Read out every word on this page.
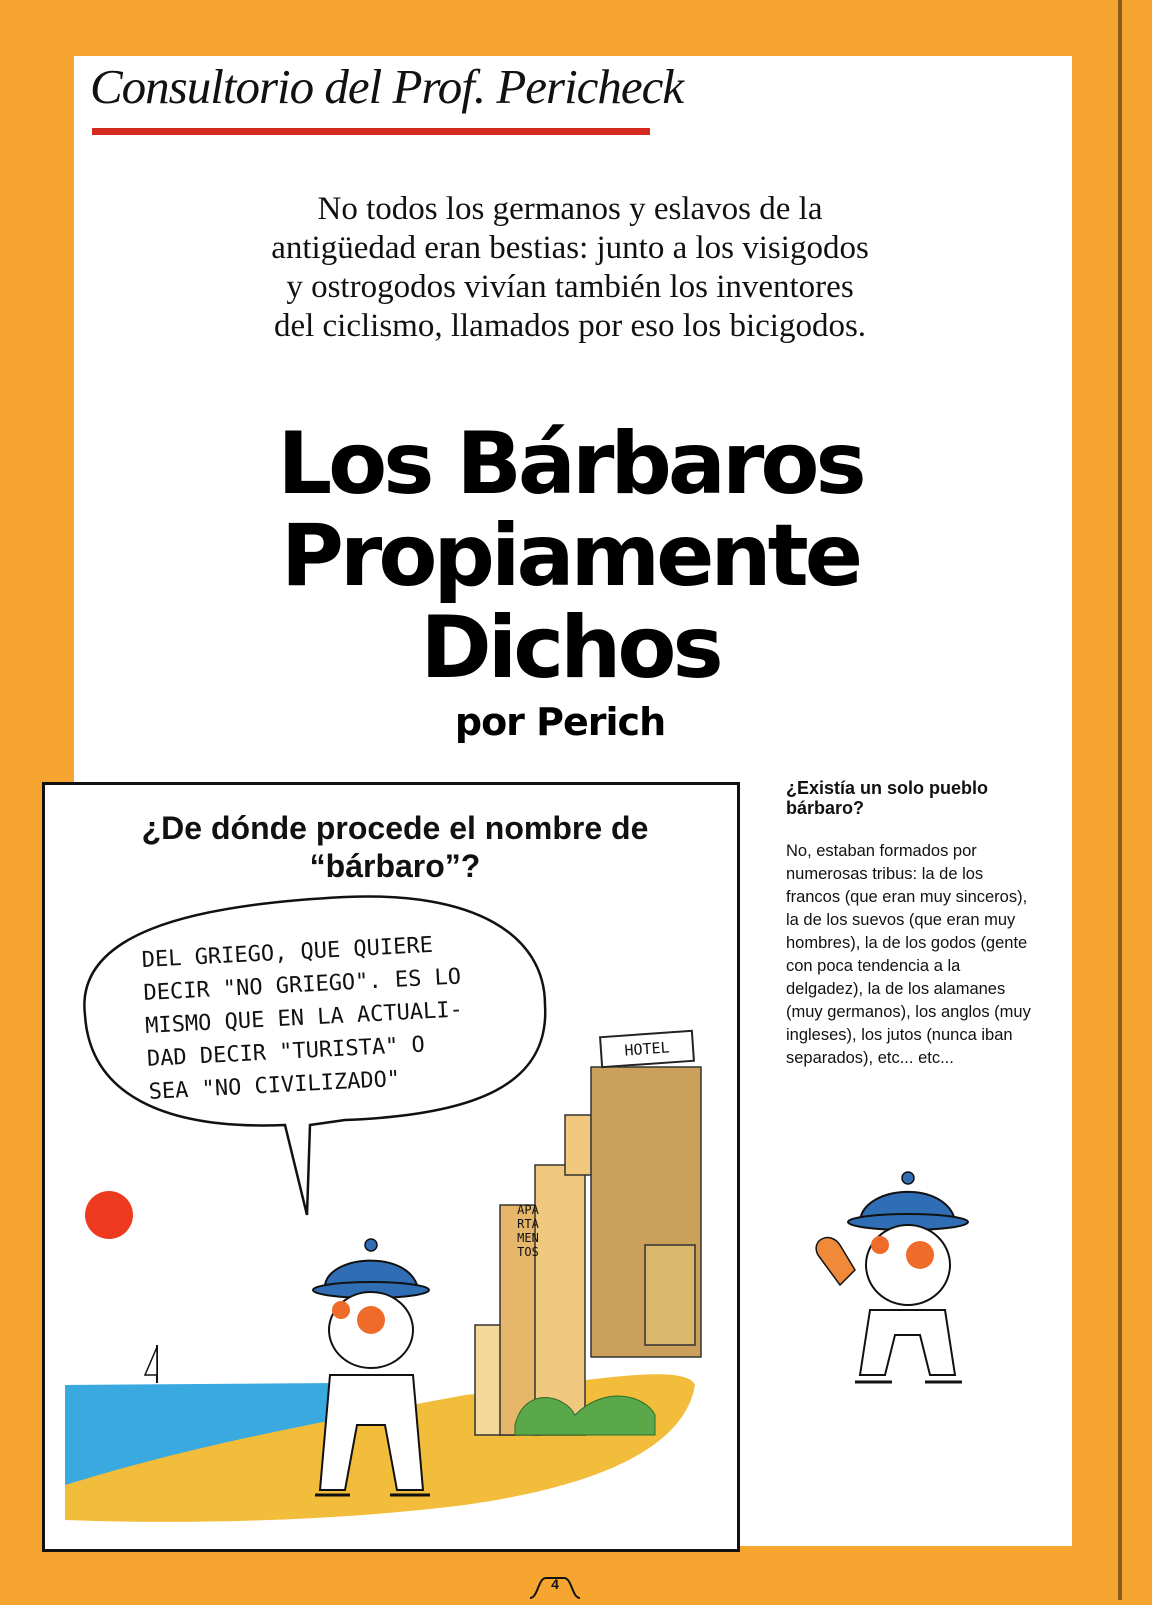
Consultorio del Prof. Pericheck
No todos los germanos y eslavos de la antigüedad eran bestias: junto a los visigodos y ostrogodos vivían también los inventores del ciclismo, llamados por eso los bicigodos.
Los Bárbaros
Propiamente
Dichos
por Perich
¿De dónde procede el nombre de “bárbaro”?
DEL GRIEGO, QUE QUIERE
DECIR "NO GRIEGO". ES LO
MISMO QUE EN LA ACTUALI-
DAD DECIR "TURISTA" O
SEA "NO CIVILIZADO"
HOTEL
APARTAMENTOS

¿Existía un solo pueblo bárbaro?

No, estaban formados por numerosas tribus: la de los francos (que eran muy sinceros), la de los suevos (que eran muy hombres), la de los godos (gente con poca tendencia a la delgadez), la de los alamanes (muy germanos), los anglos (muy ingleses), los jutos (nunca iban separados), etc... etc...

4
